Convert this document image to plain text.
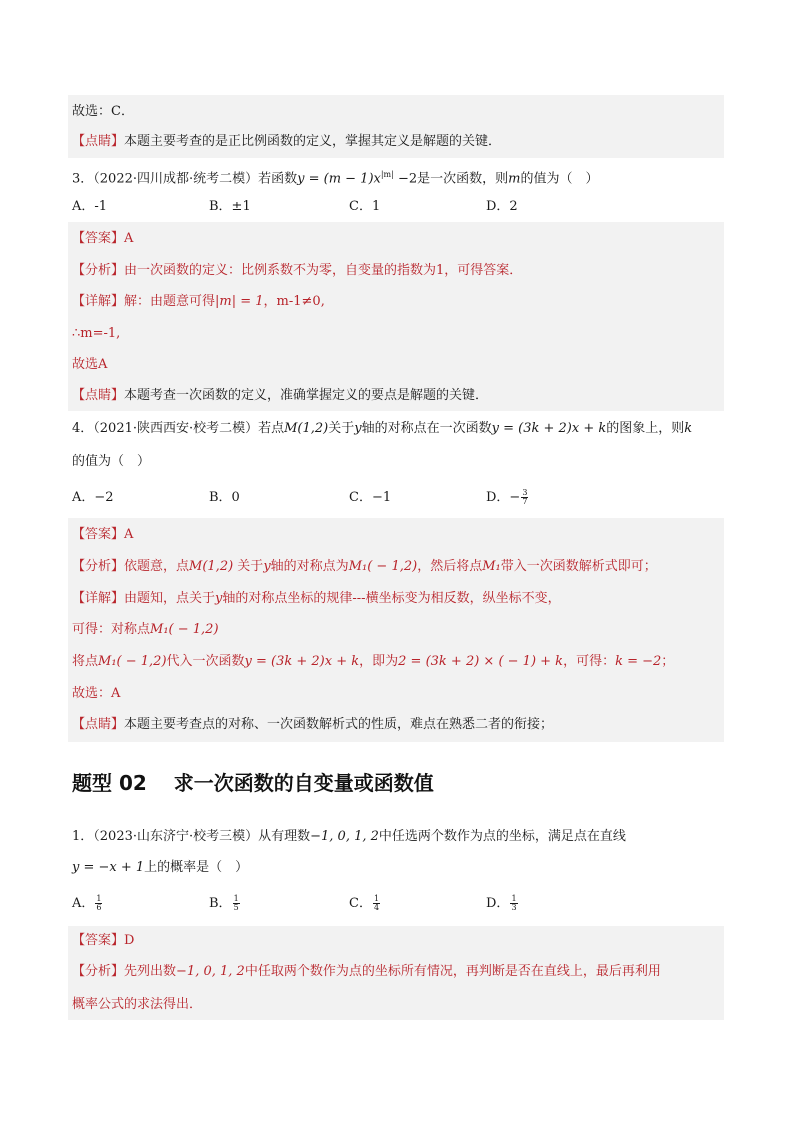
故选：C．
【点睛】本题主要考查的是正比例函数的定义，掌握其定义是解题的关键．
3．（2022·四川成都·统考二模）若函数$y = (m - 1)x^{|m|} -2$是一次函数，则m的值为（　）
A．-1	B．±1	C．1	D．2
【答案】A
【分析】由一次函数的定义：比例系数不为零，自变量的指数为1，可得答案．
【详解】解：由题意可得|m| = 1，m-1≠0,
∴m=-1,
故选A
【点睛】本题考查一次函数的定义，准确掌握定义的要点是解题的关键．
4．（2021·陕西西安·校考二模）若点M(1,2)关于y轴的对称点在一次函数y = (3k + 2)x + k的图象上，则k
的值为（　）
A．−2	B．0	C．−1	D．− $\frac{3}{7}$
【答案】A
【分析】依题意，点M(1,2) 关于y轴的对称点为M₁( − 1,2)，然后将点M₁带入一次函数解析式即可；
【详解】由题知，点关于y轴的对称点坐标的规律---横坐标变为相反数，纵坐标不变，
可得：对称点M₁( − 1,2)
将点M₁( − 1,2)代入一次函数y = (3k + 2)x + k，即为2 = (3k + 2) × ( − 1) + k，可得：k = −2；
故选：A
【点睛】本题主要考查点的对称、一次函数解析式的性质，难点在熟悉二者的衔接；
题型 02　 求一次函数的自变量或函数值
1．（2023·山东济宁·校考三模）从有理数−1, 0, 1, 2中任选两个数作为点的坐标，满足点在直线
y = −x + 1上的概率是（　）
A． $\frac{1}{6}$	B． $\frac{1}{5}$	C． $\frac{1}{4}$	D． $\frac{1}{3}$
【答案】D
【分析】先列出数−1, 0, 1, 2中任取两个数作为点的坐标所有情况，再判断是否在直线上，最后再利用
概率公式的求法得出．
